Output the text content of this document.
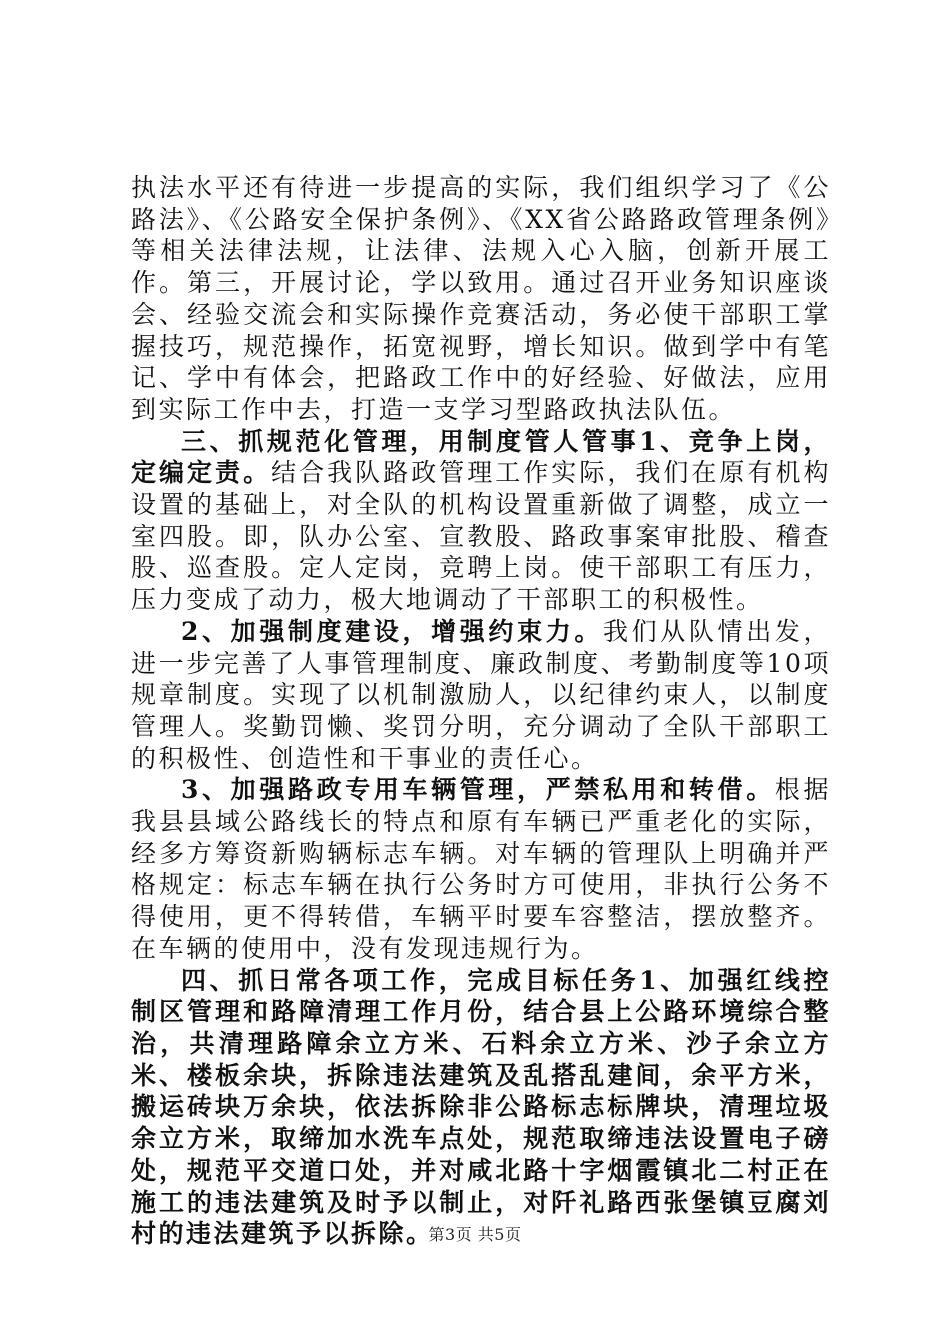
执法水平还有待进一步提高的实际，我们组织学习了《公路法》、《公路安全保护条例》、《XX省公路路政管理条例》等相关法律法规，让法律、法规入心入脑，创新开展工作。第三，开展讨论，学以致用。通过召开业务知识座谈会、经验交流会和实际操作竞赛活动，务必使干部职工掌握技巧，规范操作，拓宽视野，增长知识。做到学中有笔记、学中有体会，把路政工作中的好经验、好做法，应用到实际工作中去，打造一支学习型路政执法队伍。

三、抓规范化管理，用制度管人管事1、竞争上岗，定编定责。结合我队路政管理工作实际，我们在原有机构设置的基础上，对全队的机构设置重新做了调整，成立一室四股。即，队办公室、宣教股、路政事案审批股、稽查股、巡查股。定人定岗，竞聘上岗。使干部职工有压力，压力变成了动力，极大地调动了干部职工的积极性。

2、加强制度建设，增强约束力。我们从队情出发，进一步完善了人事管理制度、廉政制度、考勤制度等10项规章制度。实现了以机制激励人，以纪律约束人，以制度管理人。奖勤罚懒、奖罚分明，充分调动了全队干部职工的积极性、创造性和干事业的责任心。

3、加强路政专用车辆管理，严禁私用和转借。根据我县县域公路线长的特点和原有车辆已严重老化的实际，经多方筹资新购辆标志车辆。对车辆的管理队上明确并严格规定：标志车辆在执行公务时方可使用，非执行公务不得使用，更不得转借，车辆平时要车容整洁，摆放整齐。在车辆的使用中，没有发现违规行为。

四、抓日常各项工作，完成目标任务1、加强红线控制区管理和路障清理工作月份，结合县上公路环境综合整治，共清理路障余立方米、石料余立方米、沙子余立方米、楼板余块，拆除违法建筑及乱搭乱建间，余平方米，搬运砖块万余块，依法拆除非公路标志标牌块，清理垃圾余立方米，取缔加水洗车点处，规范取缔违法设置电子磅处，规范平交道口处，并对咸北路十字烟霞镇北二村正在施工的违法建筑及时予以制止，对阡礼路西张堡镇豆腐刘村的违法建筑予以拆除。

第3页 共5页
